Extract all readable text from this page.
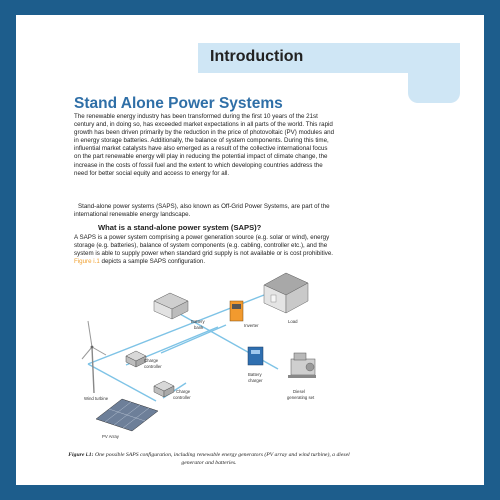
Introduction
Stand Alone Power Systems
The renewable energy industry has been transformed during the first 10 years of the 21st century and, in doing so, has exceeded market expectations in all parts of the world. This rapid growth has been driven primarily by the reduction in the price of photovoltaic (PV) modules and in energy storage batteries. Additionally, the balance of system components. During this time, influential market catalysts have also emerged as a result of the collective international focus on the part renewable energy will play in reducing the potential impact of climate change, the increase in the costs of fossil fuel and the extent to which developing countries address the need for better social equity and access to energy for all.
Stand-alone power systems (SAPS), also known as Off-Grid Power Systems, are part of the international renewable energy landscape.
What is a stand-alone power system (SAPS)?
A SAPS is a power system comprising a power generation source (e.g. solar or wind), energy storage (e.g. batteries), balance of system components (e.g. cabling, controller etc.), and the system is able to supply power when standard grid supply is not available or is cost prohibitive. Figure i.1 depicts a sample SAPS configuration.
Load
Battery
bank	Inverter
Charge
controller
Battery
charger
Diesel
generating set
Charge
controller
Wind turbine
PV Array
Figure i.1: One possible SAPS configuration, including renewable energy generators (PV array and wind turbine), a diesel generator and batteries.
